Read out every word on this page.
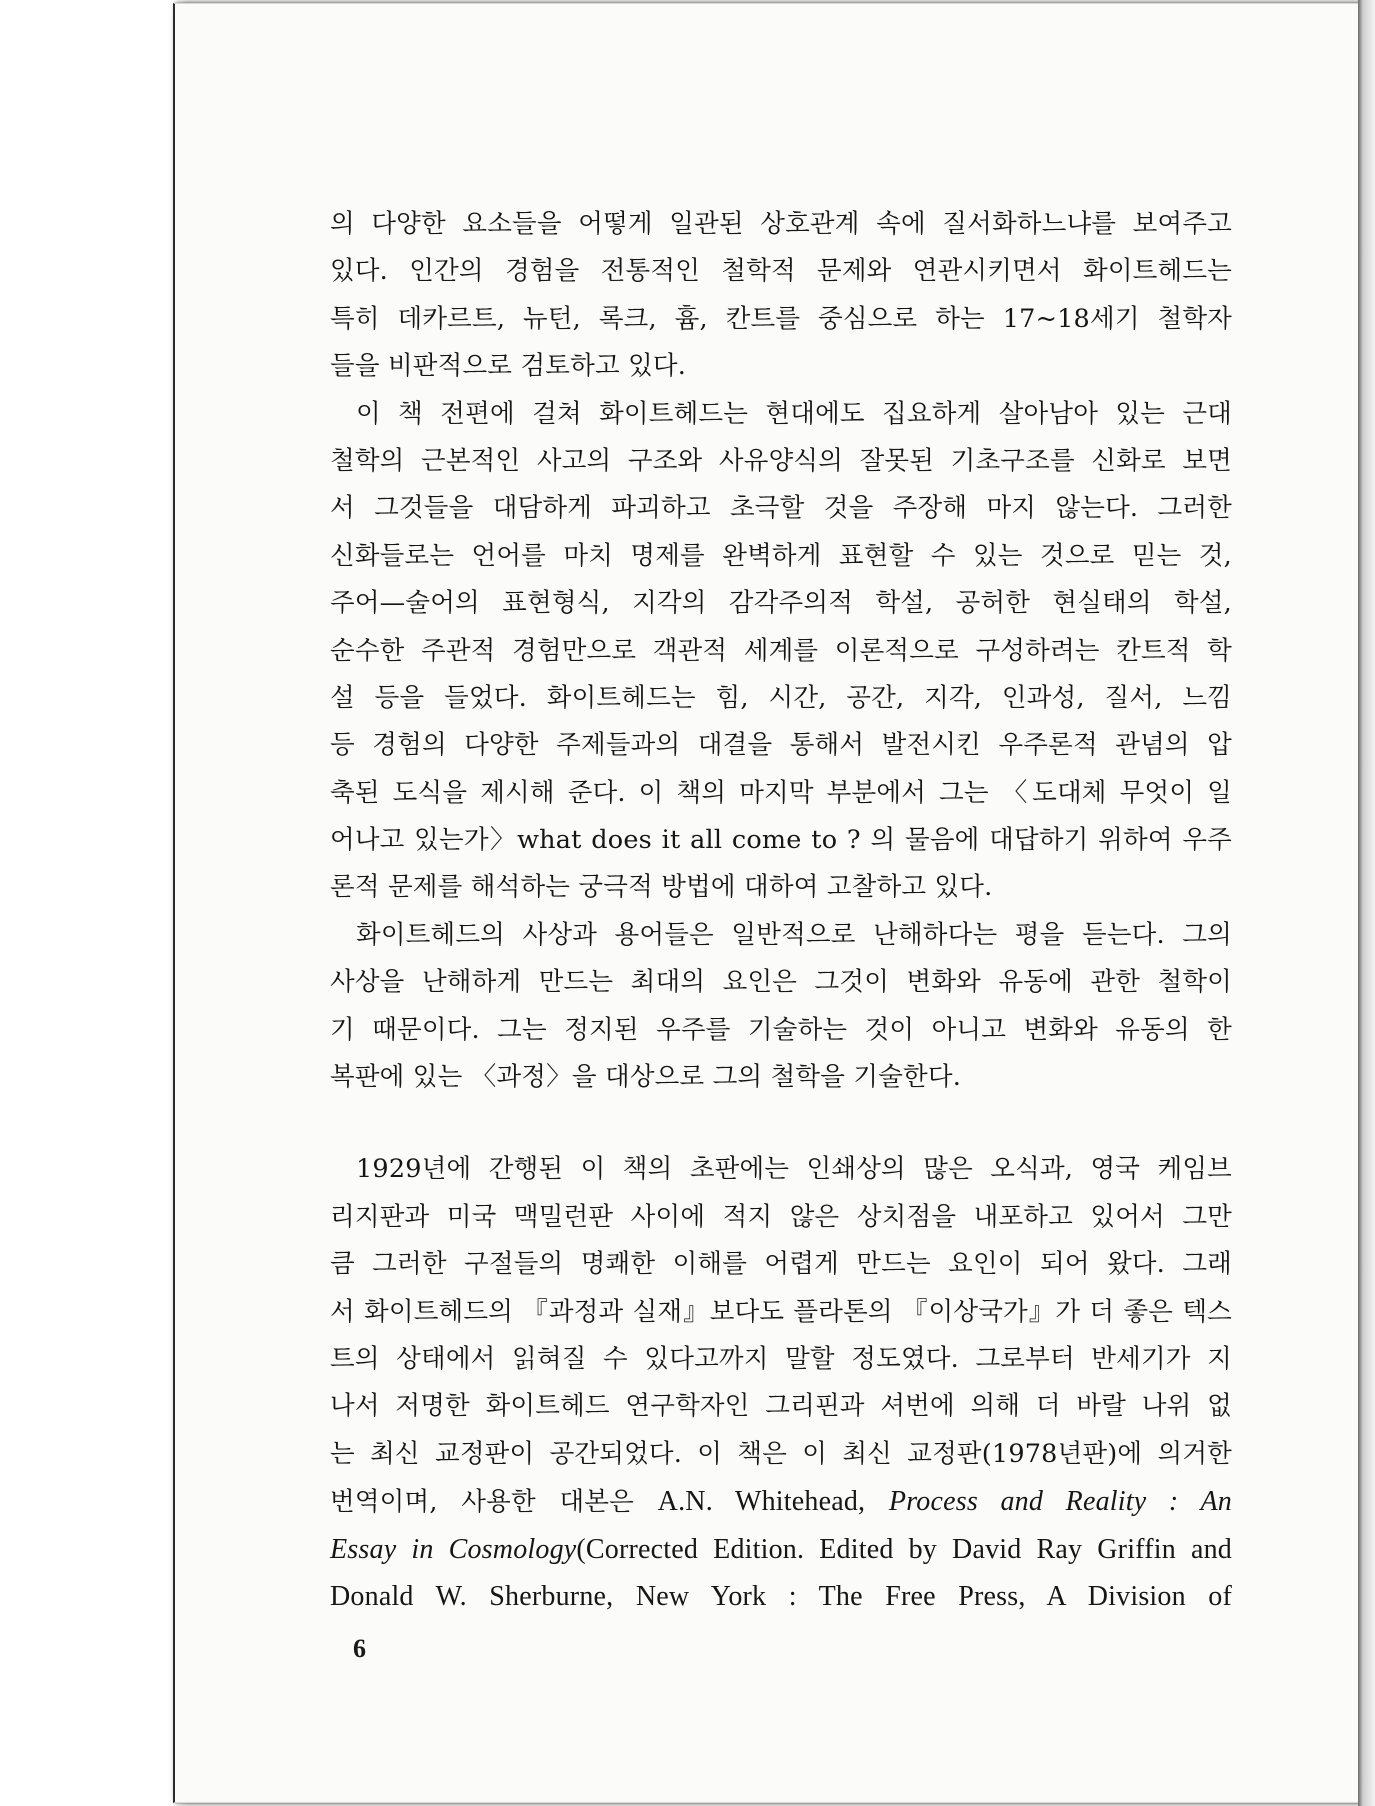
의 다양한 요소들을 어떻게 일관된 상호관계 속에 질서화하느냐를 보여주고
있다. 인간의 경험을 전통적인 철학적 문제와 연관시키면서 화이트헤드는
특히 데카르트, 뉴턴, 록크, 흄, 칸트를 중심으로 하는 17~18세기 철학자
들을 비판적으로 검토하고 있다.
이 책 전편에 걸쳐 화이트헤드는 현대에도 집요하게 살아남아 있는 근대
철학의 근본적인 사고의 구조와 사유양식의 잘못된 기초구조를 신화로 보면
서 그것들을 대담하게 파괴하고 초극할 것을 주장해 마지 않는다. 그러한
신화들로는 언어를 마치 명제를 완벽하게 표현할 수 있는 것으로 믿는 것,
주어—술어의 표현형식, 지각의 감각주의적 학설, 공허한 현실태의 학설,
순수한 주관적 경험만으로 객관적 세계를 이론적으로 구성하려는 칸트적 학
설 등을 들었다. 화이트헤드는 힘, 시간, 공간, 지각, 인과성, 질서, 느낌
등 경험의 다양한 주제들과의 대결을 통해서 발전시킨 우주론적 관념의 압
축된 도식을 제시해 준다. 이 책의 마지막 부분에서 그는 〈도대체 무엇이 일
어나고 있는가〉what does it all come to ? 의 물음에 대답하기 위하여 우주
론적 문제를 해석하는 궁극적 방법에 대하여 고찰하고 있다.
화이트헤드의 사상과 용어들은 일반적으로 난해하다는 평을 듣는다. 그의
사상을 난해하게 만드는 최대의 요인은 그것이 변화와 유동에 관한 철학이
기 때문이다. 그는 정지된 우주를 기술하는 것이 아니고 변화와 유동의 한
복판에 있는 〈과정〉을 대상으로 그의 철학을 기술한다.
1929년에 간행된 이 책의 초판에는 인쇄상의 많은 오식과, 영국 케임브
리지판과 미국 맥밀런판 사이에 적지 않은 상치점을 내포하고 있어서 그만
큼 그러한 구절들의 명쾌한 이해를 어렵게 만드는 요인이 되어 왔다. 그래
서 화이트헤드의 『과정과 실재』보다도 플라톤의 『이상국가』가 더 좋은 텍스
트의 상태에서 읽혀질 수 있다고까지 말할 정도였다. 그로부터 반세기가 지
나서 저명한 화이트헤드 연구학자인 그리핀과 셔번에 의해 더 바랄 나위 없
는 최신 교정판이 공간되었다. 이 책은 이 최신 교정판(1978년판)에 의거한
번역이며, 사용한 대본은 A.N. Whitehead, Process and Reality : An
Essay in Cosmology(Corrected Edition. Edited by David Ray Griffin and
Donald W. Sherburne, New York : The Free Press, A Division of
6
